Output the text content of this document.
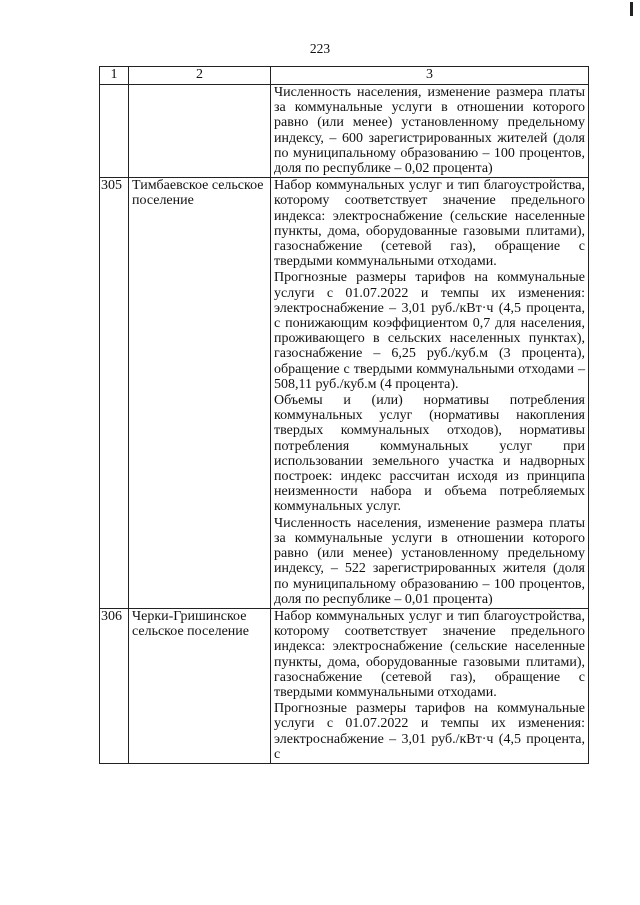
223
1	2	3

		Численность населения, изменение размера платы за коммунальные услуги в отношении которого равно (или менее) установленному предельному индексу, – 600 зарегистрированных жителей (доля по муниципальному образованию – 100 процентов, доля по республике – 0,02 процента)

305	Тимбаевское сельское поселение	Набор коммунальных услуг и тип благоустройства, которому соответствует значение предельного индекса: электроснабжение (сельские населенные пункты, дома, оборудованные газовыми плитами), газоснабжение (сетевой газ), обращение с твердыми коммунальными отходами.

Прогнозные размеры тарифов на коммунальные услуги с 01.07.2022 и темпы их изменения: электроснабжение – 3,01 руб./кВт·ч (4,5 процента, с понижающим коэффициентом 0,7 для населения, проживающего в сельских населенных пунктах), газоснабжение – 6,25 руб./куб.м (3 процента), обращение с твердыми коммунальными отходами – 508,11 руб./куб.м (4 процента).

Объемы и (или) нормативы потребления коммунальных услуг (нормативы накопления твердых коммунальных отходов), нормативы потребления коммунальных услуг при использовании земельного участка и надворных построек: индекс рассчитан исходя из принципа неизменности набора и объема потребляемых коммунальных услуг.

Численность населения, изменение размера платы за коммунальные услуги в отношении которого равно (или менее) установленному предельному индексу, – 522 зарегистрированных жителя (доля по муниципальному образованию – 100 процентов, доля по республике – 0,01 процента)

306	Черки-Гришинское сельское поселение	Набор коммунальных услуг и тип благоустройства, которому соответствует значение предельного индекса: электроснабжение (сельские населенные пункты, дома, оборудованные газовыми плитами), газоснабжение (сетевой газ), обращение с твердыми коммунальными отходами.

Прогнозные размеры тарифов на коммунальные услуги с 01.07.2022 и темпы их изменения: электроснабжение – 3,01 руб./кВт·ч (4,5 процента, с
